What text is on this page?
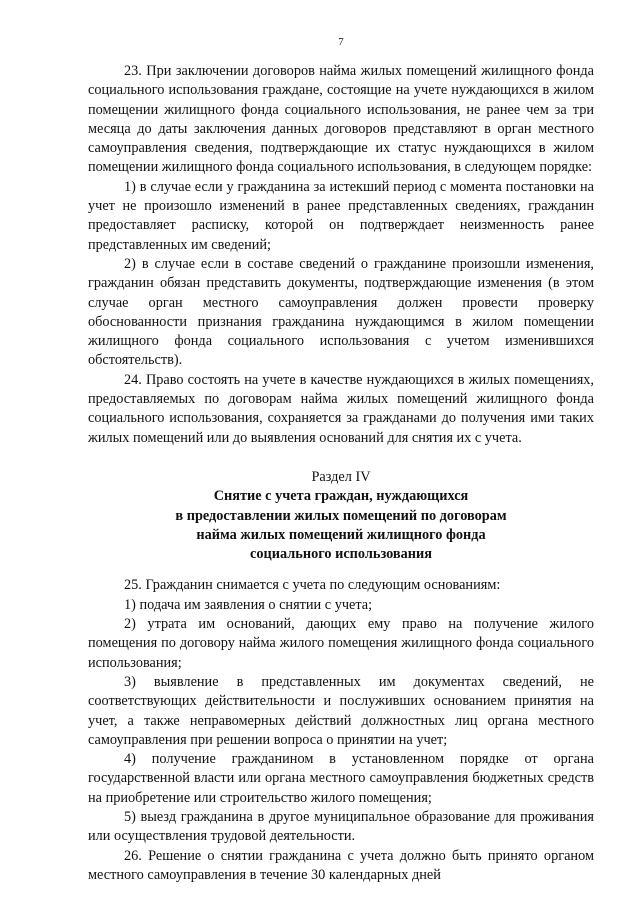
7

23. При заключении договоров найма жилых помещений жилищного фонда социального использования гражданe, состоящие на учете нуждающихся в жилом помещении жилищного фонда социального использования, не ранее чем за три месяца до даты заключения данных договоров представляют в орган местного самоуправления сведения, подтверждающие их статус нуждающихся в жилом помещении жилищного фонда социального использования, в следующем порядке:

1) в случае если у гражданина за истекший период с момента постановки на учет не произошло изменений в ранее представленных сведениях, гражданин предоставляет расписку, которой он подтверждает неизменность ранее представленных им сведений;

2) в случае если в составе сведений о гражданине произошли изменения, гражданин обязан представить документы, подтверждающие изменения (в этом случае орган местного самоуправления должен провести проверку обоснованности признания гражданина нуждающимся в жилом помещении жилищного фонда социального использования с учетом изменившихся обстоятельств).

24. Право состоять на учете в качестве нуждающихся в жилых помещениях, предоставляемых по договорам найма жилых помещений жилищного фонда социального использования, сохраняется за гражданами до получения ими таких жилых помещений или до выявления оснований для снятия их с учета.

Раздел IV

Снятие с учета граждан, нуждающихся

в предоставлении жилых помещений по договорам

найма жилых помещений жилищного фонда

социального использования

25. Гражданин снимается с учета по следующим основаниям:

1) подача им заявления о снятии с учета;

2) утрата им оснований, дающих ему право на получение жилого помещения по договору найма жилого помещения жилищного фонда социального использования;

3) выявление в представленных им документах сведений, не соответствующих действительности и послуживших основанием принятия на учет, а также неправомерных действий должностных лиц органа местного самоуправления при решении вопроса о принятии на учет;

4) получение гражданином в установленном порядке от органа государственной власти или органа местного самоуправления бюджетных средств на приобретение или строительство жилого помещения;

5) выезд гражданина в другое муниципальное образование для проживания или осуществления трудовой деятельности.

26. Решение о снятии гражданина с учета должно быть принято органом местного самоуправления в течение 30 календарных дней
